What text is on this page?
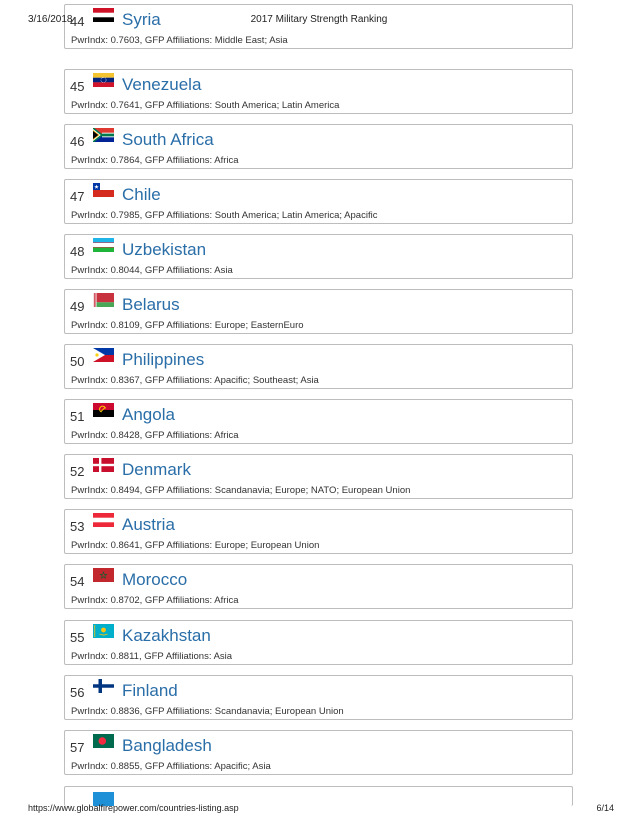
44 Syria
PwrIndx: 0.7603, GFP Affiliations: Middle East; Asia
45 Venezuela
PwrIndx: 0.7641, GFP Affiliations: South America; Latin America
46 South Africa
PwrIndx: 0.7864, GFP Affiliations: Africa
47 Chile
PwrIndx: 0.7985, GFP Affiliations: South America; Latin America; Apacific
48 Uzbekistan
PwrIndx: 0.8044, GFP Affiliations: Asia
49 Belarus
PwrIndx: 0.8109, GFP Affiliations: Europe; EasternEuro
50 Philippines
PwrIndx: 0.8367, GFP Affiliations: Apacific; Southeast; Asia
51 Angola
PwrIndx: 0.8428, GFP Affiliations: Africa
52 Denmark
PwrIndx: 0.8494, GFP Affiliations: Scandanavia; Europe; NATO; European Union
53 Austria
PwrIndx: 0.8641, GFP Affiliations: Europe; European Union
54 Morocco
PwrIndx: 0.8702, GFP Affiliations: Africa
55 Kazakhstan
PwrIndx: 0.8811, GFP Affiliations: Asia
56 Finland
PwrIndx: 0.8836, GFP Affiliations: Scandanavia; European Union
57 Bangladesh
PwrIndx: 0.8855, GFP Affiliations: Apacific; Asia
3/16/2018	2017 Military Strength Ranking
https://www.globalfirepower.com/countries-listing.asp	6/14
